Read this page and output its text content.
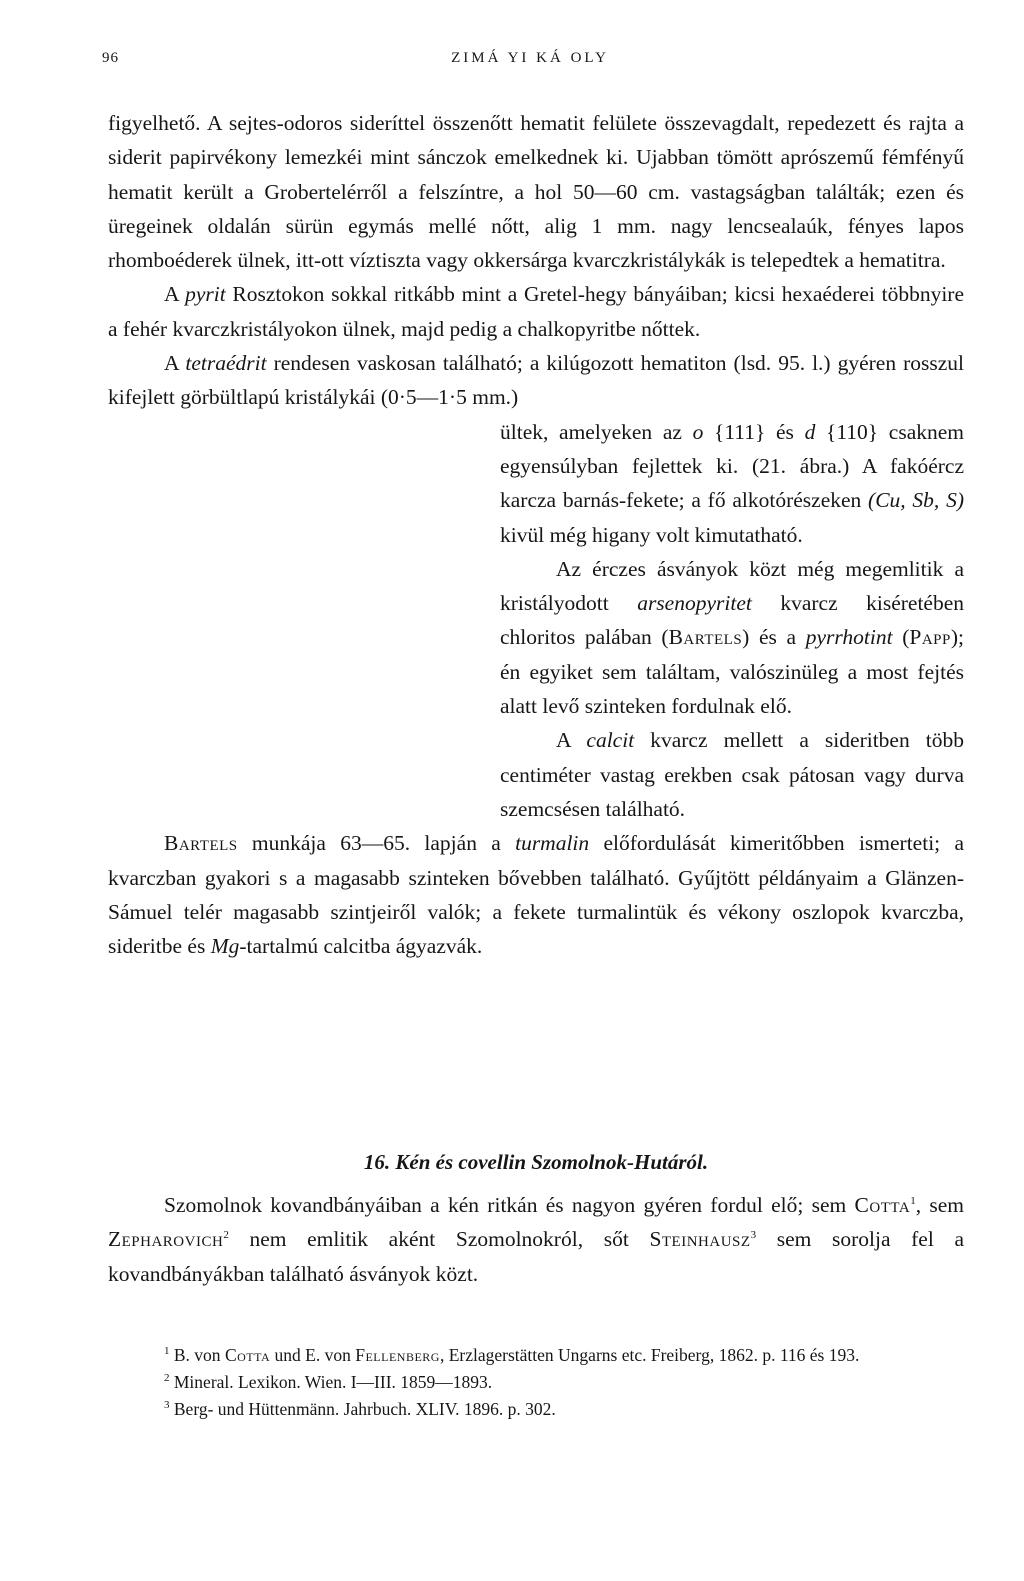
96	ZIMÁ YI KÁ OLY

figyelhető. A sejtes-odoros sideríttel összenőtt hematit felülete összevagdalt, repedezett és rajta a siderit papirvékony lemezkéi mint sánczok emelkednek ki. Ujabban tömött aprószemű fémfényű hematit került a Grobertelérről a felszíntre, a hol 50—60 cm. vastagságban találták; ezen és üregeinek oldalán sürün egymás mellé nőtt, alig 1 mm. nagy lencsealaúk, fényes lapos rhomboéderek ülnek, itt-ott víztiszta vagy okkersárga kvarczkristálykák is telepedtek a hematitra.

A pyrit Rosztokon sokkal ritkább mint a Gretel-hegy bányáiban; kicsi hexaéderei többnyire a fehér kvarczkristályokon ülnek, majd pedig a chalkopyritbe nőttek.

A tetraédrit rendesen vaskosan található; a kilúgozott hematiton (lsd. 95. l.) gyéren rosszul kifejlett görbültlapú kristálykái (0·5—1·5 mm.)

ültek, amelyeken az o {111} és d {110} csaknem egyensúlyban fejlettek ki. (21. ábra.) A fakóércz karcza barnás-fekete; a fő alkotórészeken (Cu, Sb, S) kivül még higany volt kimutatható.

Az érczes ásványok közt még megemlitik a kristályodott arsenopyritet kvarcz kiséretében chloritos palában (Bartels) és a pyrrhotint (Papp); én egyiket sem találtam, valószinüleg a most fejtés alatt levő szinteken fordulnak elő.

A calcit kvarcz mellett a sideritben több centiméter vastag erekben csak pátosan vagy durva szemcsésen található.

Bartels munkája 63—65. lapján a turmalin előfordulását kimeritőbben ismerteti; a kvarczban gyakori s a magasabb szinteken bővebben található. Gyűjtött példányaim a Glänzen-Sámuel telér magasabb szintjeiről valók; a fekete turmalintük és vékony oszlopok kvarczba, sideritbe és Mg-tartalmú calcitba ágyazvák.

16. Kén és covellin Szomolnok-Hutáról.

Szomolnok kovandbányáiban a kén ritkán és nagyon gyéren fordul elő; sem Cotta$^1$, sem Zepharovich$^2$ nem emlitik aként Szomolnokról, sőt Steinhausz$^3$ sem sorolja fel a kovandbányákban található ásványok közt.

$^1$ B. von Cotta und E. von Fellenberg, Erzlagerstätten Ungarns etc. Freiberg, 1862. p. 116 és 193.

$^2$ Mineral. Lexikon. Wien. I—III. 1859—1893.

$^3$ Berg- und Hüttenmänn. Jahrbuch. XLIV. 1896. p. 302.
